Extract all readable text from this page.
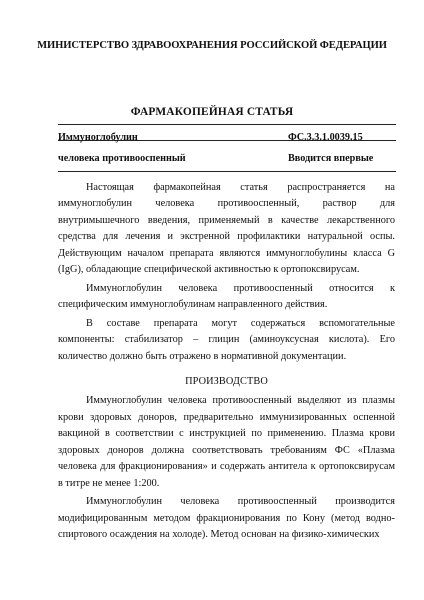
МИНИСТЕРСТВО ЗДРАВООХРАНЕНИЯ РОССИЙСКОЙ ФЕДЕРАЦИИ
ФАРМАКОПЕЙНАЯ СТАТЬЯ
Иммуноглобулин
человека противооспенный
ФС.3.3.1.0039.15
Вводится впервые

Настоящая фармакопейная статья распространяется на иммуноглобулин человека противооспенный, раствор для внутримышечного введения, применяемый в качестве лекарственного средства для лечения и экстренной профилактики натуральной оспы. Действующим началом препарата являются иммуноглобулины класса G (IgG), обладающие специфической активностью к ортопоксвирусам.

Иммуноглобулин человека противооспенный относится к специфическим иммуноглобулинам направленного действия.

В составе препарата могут содержаться вспомогательные компоненты: стабилизатор – глицин (аминоуксусная кислота). Его количество должно быть отражено в нормативной документации.

ПРОИЗВОДСТВО

Иммуноглобулин человека противооспенный выделяют из плазмы крови здоровых доноров, предварительно иммунизированных оспенной вакциной в соответствии с инструкцией по применению. Плазма крови здоровых доноров должна соответствовать требованиям ФС «Плазма человека для фракционирования» и содержать антитела к ортопоксвирусам в титре не менее 1:200.

Иммуноглобулин человека противооспенный производится модифицированным методом фракционирования по Кону (метод водно-спиртового осаждения на холоде). Метод основан на физико-химических
